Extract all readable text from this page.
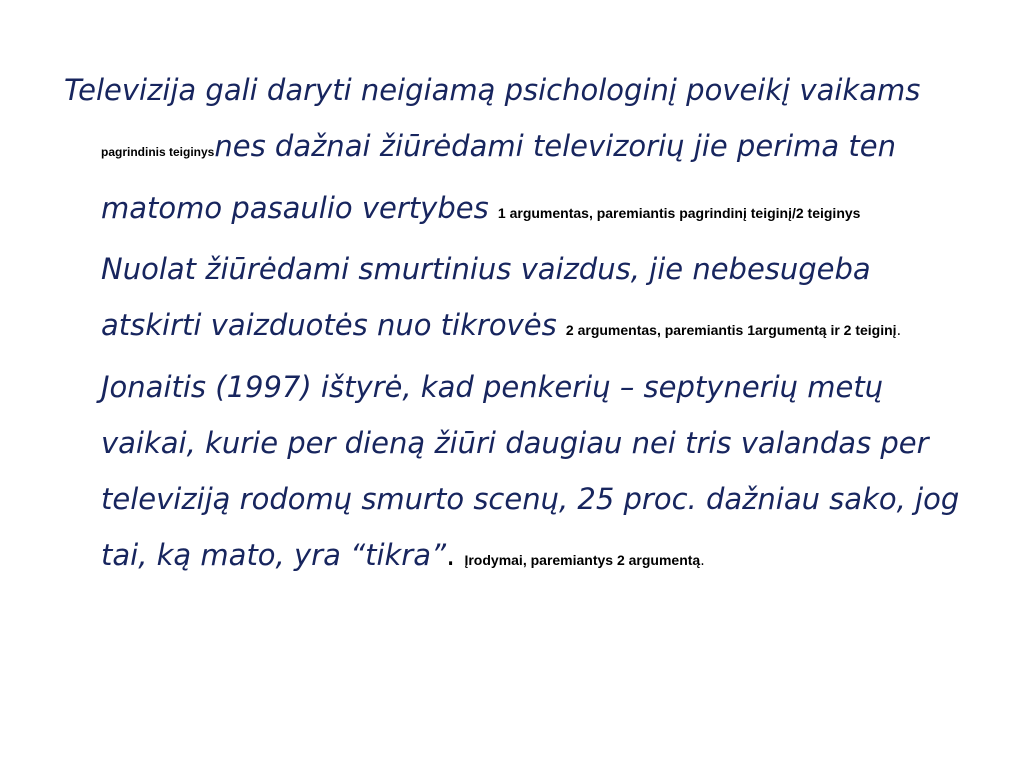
Televizija gali daryti neigiamą psichologinį poveikį vaikams pagrindinis teiginysnes dažnai žiūrėdami televizorių jie perima ten matomo pasaulio vertybes 1 argumentas, paremiantis pagrindinį teiginį/2 teiginys Nuolat žiūrėdami smurtinius vaizdus, jie nebesugeba atskirti vaizduotės nuo tikrovės 2 argumentas, paremiantis 1argumentą ir 2 teiginį. Jonaitis (1997) ištyrė, kad penkerių – septynerių metų vaikai, kurie per dieną žiūri daugiau nei tris valandas per televiziją rodomų smurto scenų, 25 proc. dažniau sako, jog tai, ką mato, yra “tikra”. Įrodymai, paremiantys 2 argumentą.
